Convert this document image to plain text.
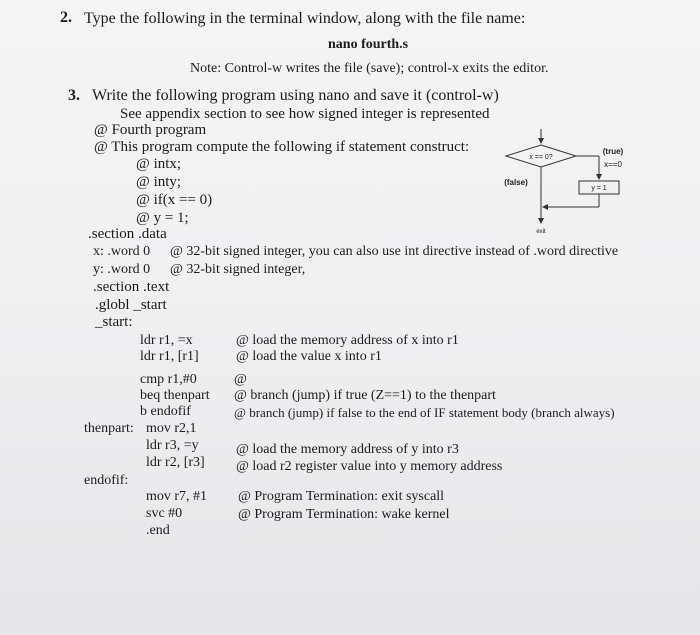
2. Type the following in the terminal window, along with the file name:
nano fourth.s
Note: Control-w writes the file (save); control-x exits the editor.
3. Write the following program using nano and save it (control-w)
See appendix section to see how signed integer is represented
@ Fourth program
@ This program compute the following if statement construct:
@ intx;
@ inty;
@ if(x == 0)
@ y = 1;
x == 0?
(true)
x==0
y = 1
(false)
exit
.section .data
x: .word 0 @ 32-bit signed integer, you can also use int directive instead of .word directive
y: .word 0 @ 32-bit signed integer,
.section .text
.globl _start
_start:
ldr r1, =x	@ load the memory address of x into r1
ldr r1, [r1]	@ load the value x into r1
cmp r1,#0	@
beq thenpart @ branch (jump) if true (Z==1) to the thenpart
b endofif	@ branch (jump) if false to the end of IF statement body (branch always)
thenpart: mov r2,1
ldr r3, =y	@ load the memory address of y into r3
ldr r2, [r3] @ load r2 register value into y memory address
endofif:
mov r7, #1 @ Program Termination: exit syscall
svc #0	@ Program Termination: wake kernel
.end
